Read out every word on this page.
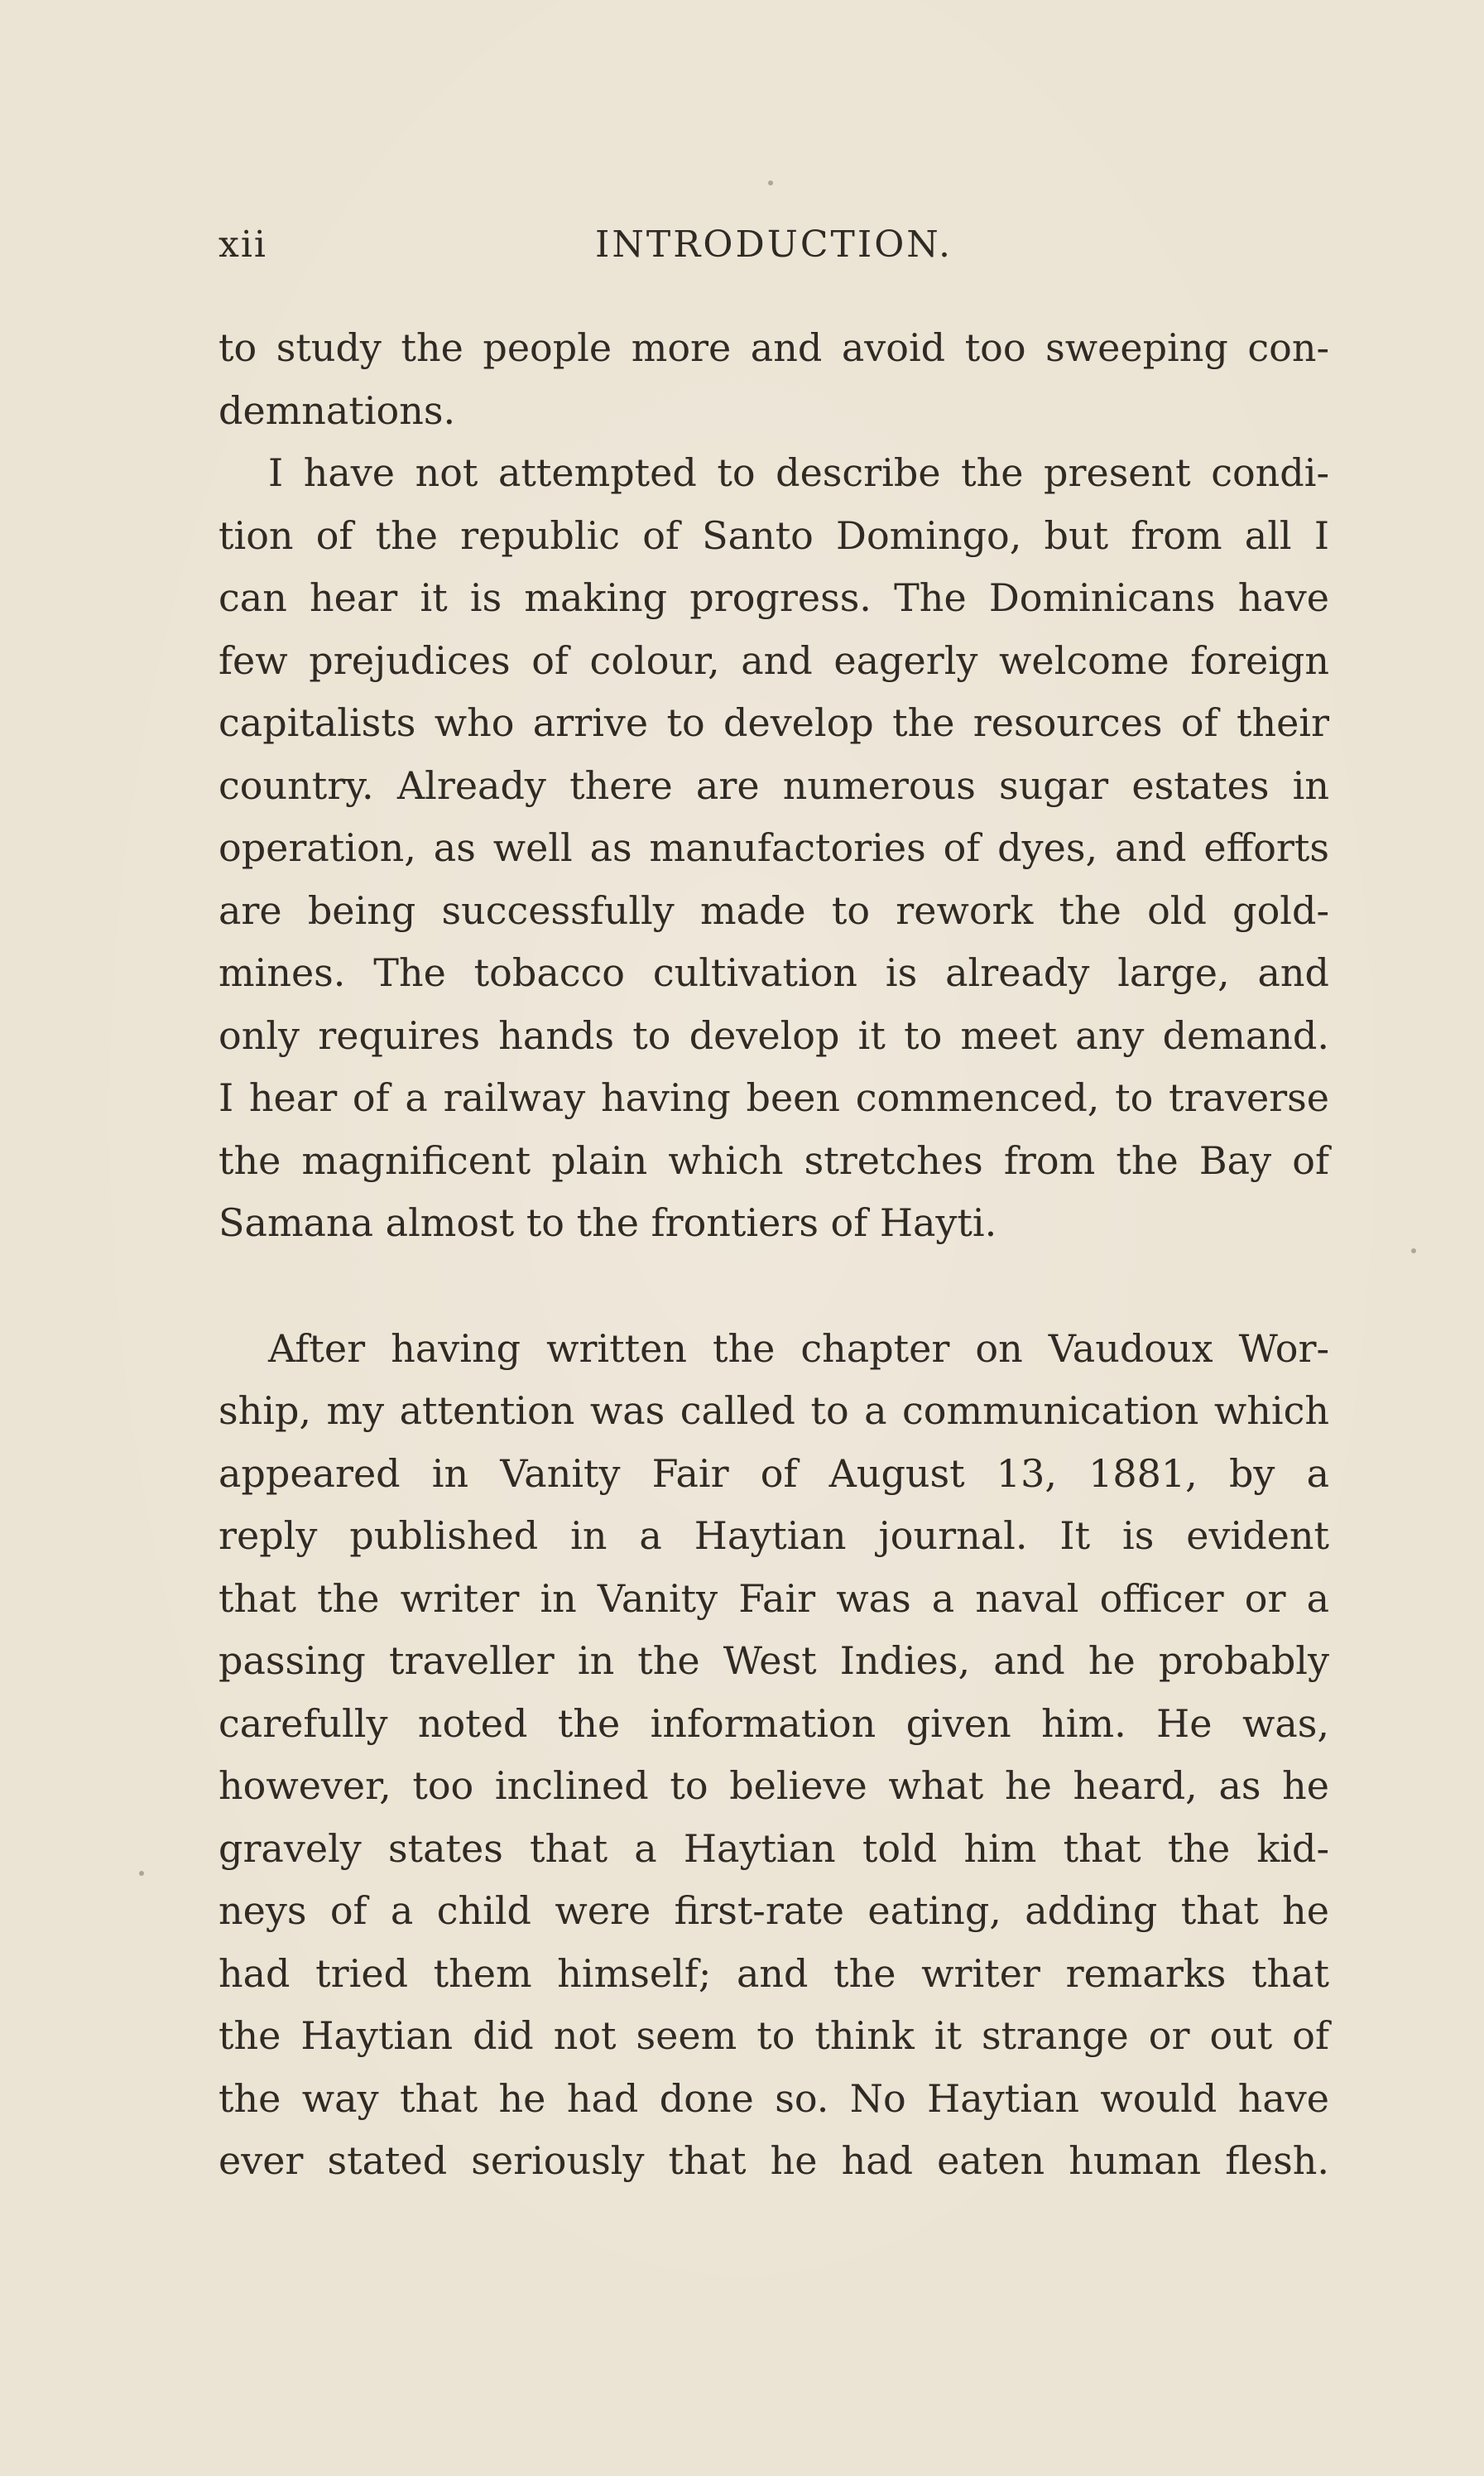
xii	INTRODUCTION.
to study the people more and avoid too sweeping con-
demnations.
I have not attempted to describe the present condi-
tion of the republic of Santo Domingo, but from all I
can hear it is making progress. The Dominicans have
few prejudices of colour, and eagerly welcome foreign
capitalists who arrive to develop the resources of their
country. Already there are numerous sugar estates in
operation, as well as manufactories of dyes, and efforts
are being successfully made to rework the old gold-
mines. The tobacco cultivation is already large, and
only requires hands to develop it to meet any demand.
I hear of a railway having been commenced, to traverse
the magnificent plain which stretches from the Bay of
Samana almost to the frontiers of Hayti.
After having written the chapter on Vaudoux Wor-
ship, my attention was called to a communication which
appeared in Vanity Fair of August 13, 1881, by a
reply published in a Haytian journal. It is evident
that the writer in Vanity Fair was a naval officer or a
passing traveller in the West Indies, and he probably
carefully noted the information given him. He was,
however, too inclined to believe what he heard, as he
gravely states that a Haytian told him that the kid-
neys of a child were first-rate eating, adding that he
had tried them himself; and the writer remarks that
the Haytian did not seem to think it strange or out of
the way that he had done so. No Haytian would have
ever stated seriously that he had eaten human flesh.
